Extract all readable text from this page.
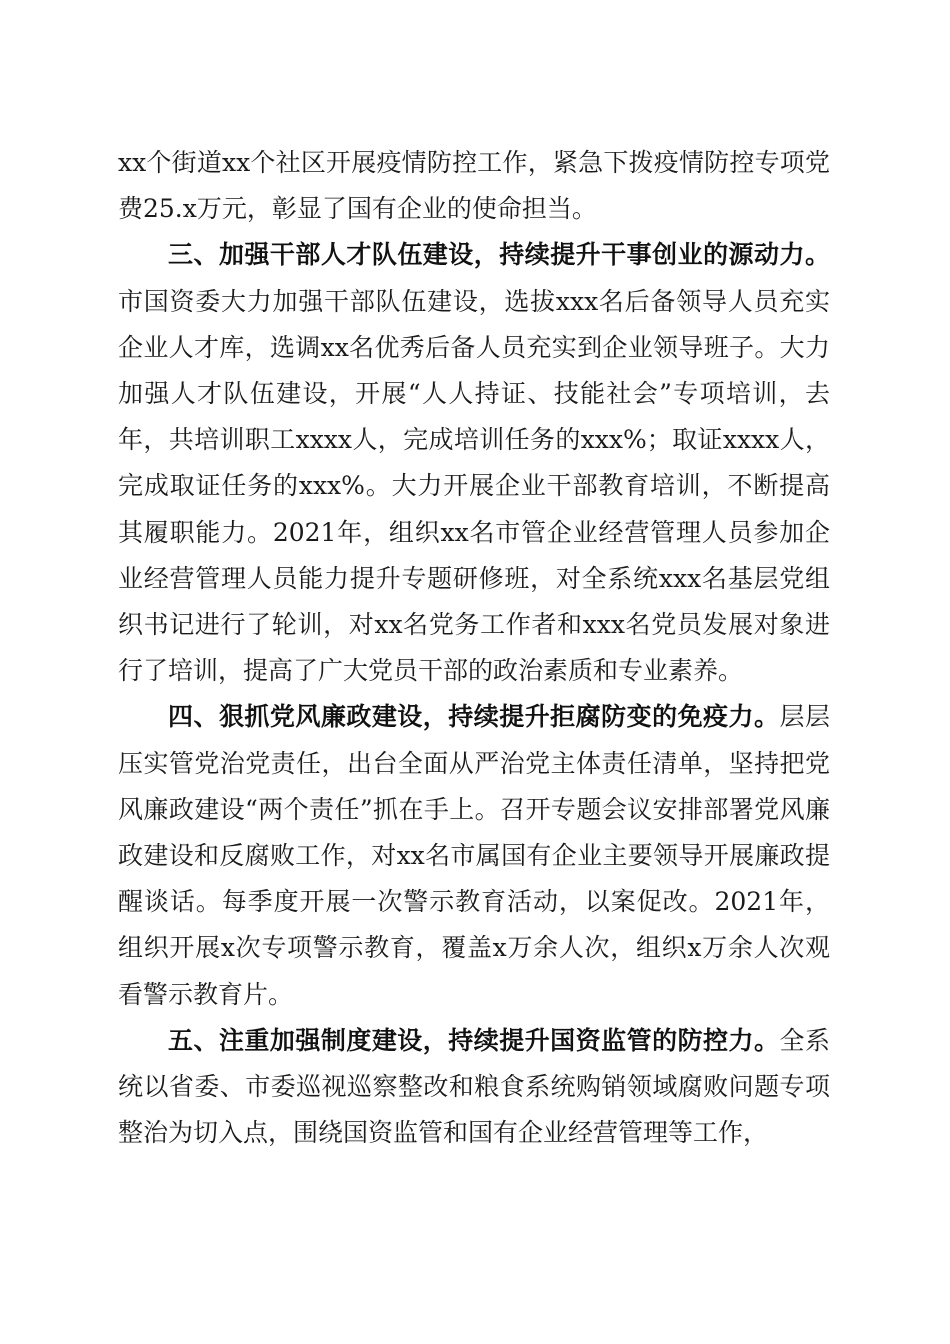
xx个街道xx个社区开展疫情防控工作，紧急下拨疫情防控专项党费25.x万元，彰显了国有企业的使命担当。

三、加强干部人才队伍建设，持续提升干事创业的源动力。市国资委大力加强干部队伍建设，选拔xxx名后备领导人员充实企业人才库，选调xx名优秀后备人员充实到企业领导班子。大力加强人才队伍建设，开展“人人持证、技能社会”专项培训，去年，共培训职工xxxx人，完成培训任务的xxx%；取证xxxx人，完成取证任务的xxx%。大力开展企业干部教育培训，不断提高其履职能力。2021年，组织xx名市管企业经营管理人员参加企业经营管理人员能力提升专题研修班，对全系统xxx名基层党组织书记进行了轮训，对xx名党务工作者和xxx名党员发展对象进行了培训，提高了广大党员干部的政治素质和专业素养。

四、狠抓党风廉政建设，持续提升拒腐防变的免疫力。层层压实管党治党责任，出台全面从严治党主体责任清单，坚持把党风廉政建设“两个责任”抓在手上。召开专题会议安排部署党风廉政建设和反腐败工作，对xx名市属国有企业主要领导开展廉政提醒谈话。每季度开展一次警示教育活动，以案促改。2021年，组织开展x次专项警示教育，覆盖x万余人次，组织x万余人次观看警示教育片。

五、注重加强制度建设，持续提升国资监管的防控力。全系统以省委、市委巡视巡察整改和粮食系统购销领域腐败问题专项整治为切入点，围绕国资监管和国有企业经营管理等工作，
